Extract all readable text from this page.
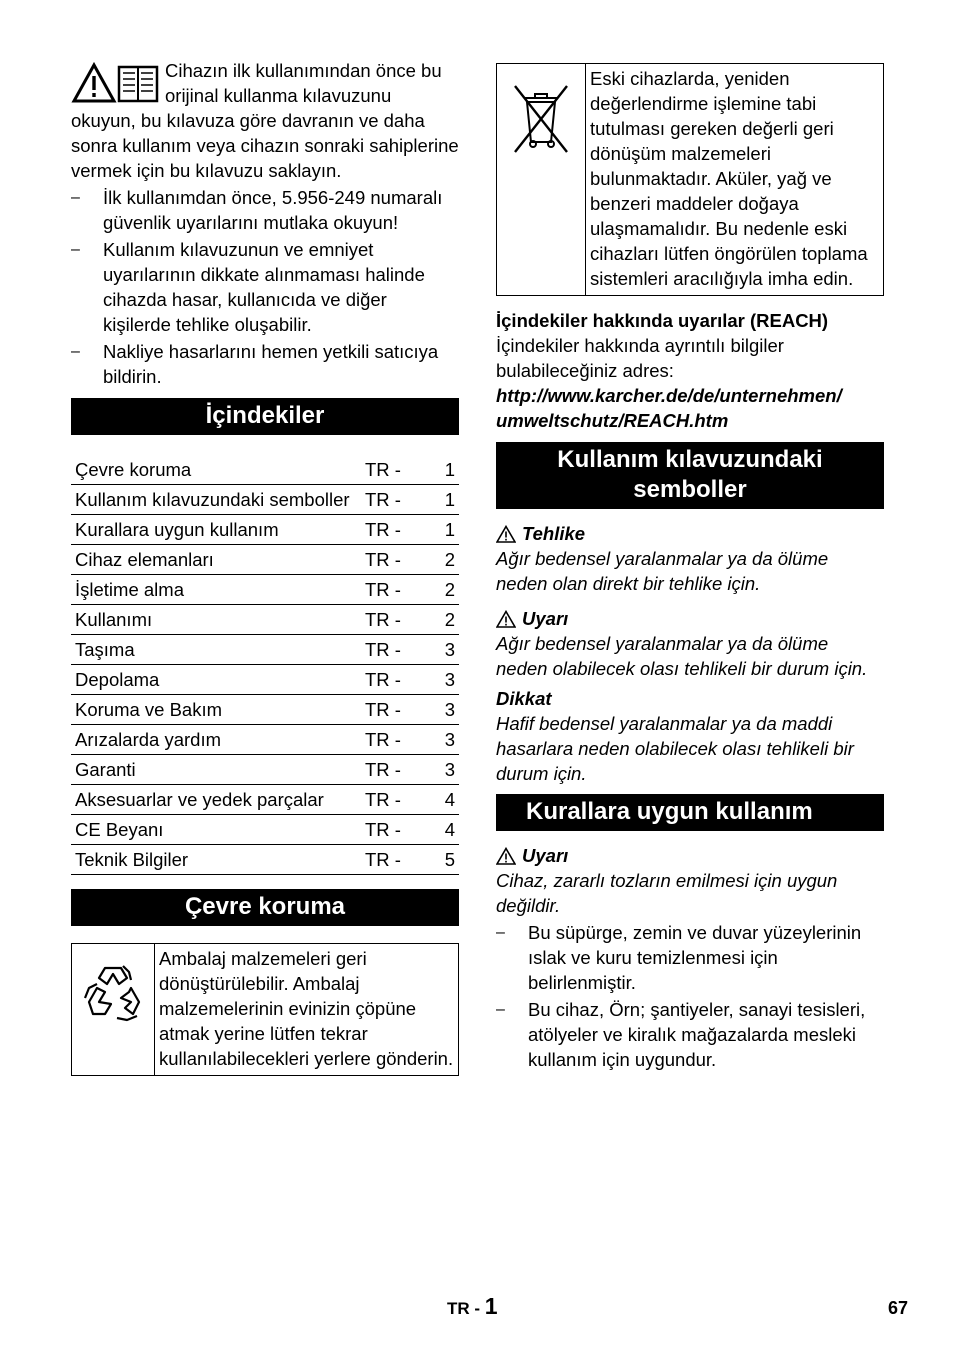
Cihazın ilk kullanımından önce bu orijinal kullanma kılavuzunu okuyun, bu kılavuza göre davranın ve daha sonra kullanım veya cihazın sonraki sahiplerine vermek için bu kılavuzu saklayın.

– İlk kullanımdan önce, 5.956-249 numaralı güvenlik uyarılarını mutlaka okuyun!
– Kullanım kılavuzunun ve emniyet uyarılarının dikkate alınmaması halinde cihazda hasar, kullanıcıda ve diğer kişilerde tehlike oluşabilir.
– Nakliye hasarlarını hemen yetkili satıcıya bildirin.
İçindekiler
Çevre koruma	TR -	1
Kullanım kılavuzundaki semboller	TR -	1
Kurallara uygun kullanım	TR -	1
Cihaz elemanları	TR -	2
İşletime alma	TR -	2
Kullanımı	TR -	2
Taşıma	TR -	3
Depolama	TR -	3
Koruma ve Bakım	TR -	3
Arızalarda yardım	TR -	3
Garanti	TR -	3
Aksesuarlar ve yedek parçalar	TR -	4
CE Beyanı	TR -	4
Teknik Bilgiler	TR -	5
Çevre koruma
	Ambalaj malzemeleri geri dönüştürülebilir. Ambalaj malzemelerinin evinizin çöpüne atmak yerine lütfen tekrar kullanılabilecekleri yerlere gönderin.
	Eski cihazlarda, yeniden değerlendirme işlemine tabi tutulması gereken değerli geri dönüşüm malzemeleri bulunmaktadır. Aküler, yağ ve benzeri maddeler doğaya ulaşmamalıdır. Bu nedenle eski cihazları lütfen öngörülen toplama sistemleri aracılığıyla imha edin.

İçindekiler hakkında uyarılar (REACH)

İçindekiler hakkında ayrıntılı bilgiler bulabileceğiniz adres:

http://www.karcher.de/de/unternehmen/
umweltschutz/REACH.htm

Kullanım kılavuzundaki semboller
Tehlike

Ağır bedensel yaralanmalar ya da ölüme neden olan direkt bir tehlike için.

Uyarı

Ağır bedensel yaralanmalar ya da ölüme neden olabilecek olası tehlikeli bir durum için.

Dikkat

Hafif bedensel yaralanmalar ya da maddi hasarlara neden olabilecek olası tehlikeli bir durum için.

Kurallara uygun kullanım
Uyarı

Cihaz, zararlı tozların emilmesi için uygun değildir.

– Bu süpürge, zemin ve duvar yüzeylerinin ıslak ve kuru temizlenmesi için belirlenmiştir.
– Bu cihaz, Örn; şantiyeler, sanayi tesisleri, atölyeler ve kiralık mağazalarda mesleki kullanım için uygundur.
TR - 1	67
